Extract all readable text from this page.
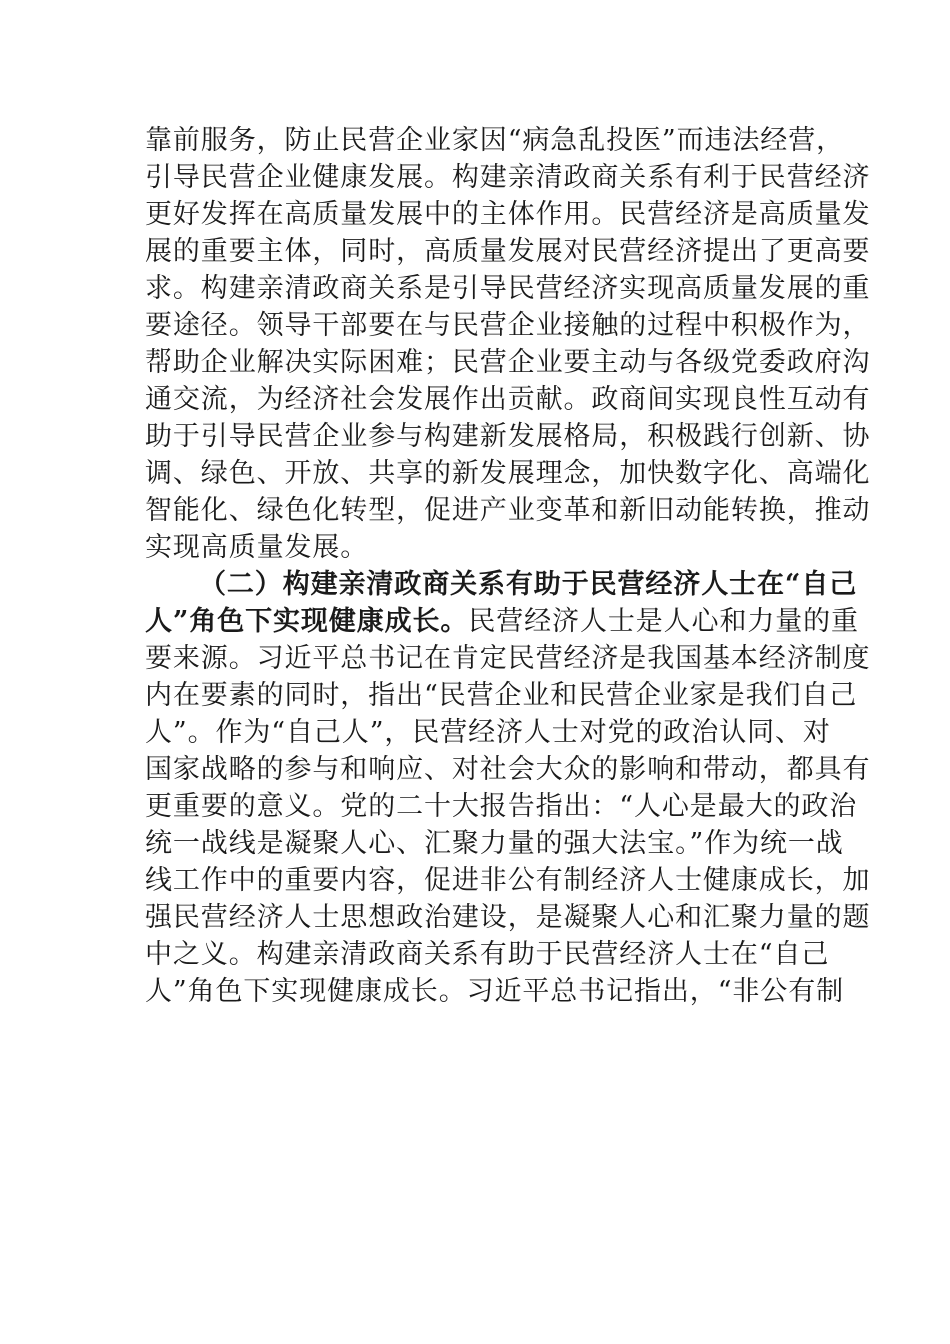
靠前服务，防止民营企业家因“病急乱投医”而违法经营，
引导民营企业健康发展。构建亲清政商关系有利于民营经济
更好发挥在高质量发展中的主体作用。民营经济是高质量发
展的重要主体，同时，高质量发展对民营经济提出了更高要
求。构建亲清政商关系是引导民营经济实现高质量发展的重
要途径。领导干部要在与民营企业接触的过程中积极作为，
帮助企业解决实际困难；民营企业要主动与各级党委政府沟
通交流，为经济社会发展作出贡献。政商间实现良性互动有
助于引导民营企业参与构建新发展格局，积极践行创新、协
调、绿色、开放、共享的新发展理念，加快数字化、高端化
智能化、绿色化转型，促进产业变革和新旧动能转换，推动
实现高质量发展。
（二）构建亲清政商关系有助于民营经济人士在“自己
人”角色下实现健康成长。民营经济人士是人心和力量的重
要来源。习近平总书记在肯定民营经济是我国基本经济制度
内在要素的同时，指出“民营企业和民营企业家是我们自己
人”。作为“自己人”，民营经济人士对党的政治认同、对
国家战略的参与和响应、对社会大众的影响和带动，都具有
更重要的意义。党的二十大报告指出：“人心是最大的政治
统一战线是凝聚人心、汇聚力量的强大法宝。”作为统一战
线工作中的重要内容，促进非公有制经济人士健康成长，加
强民营经济人士思想政治建设，是凝聚人心和汇聚力量的题
中之义。构建亲清政商关系有助于民营经济人士在“自己
人”角色下实现健康成长。习近平总书记指出，“非公有制
